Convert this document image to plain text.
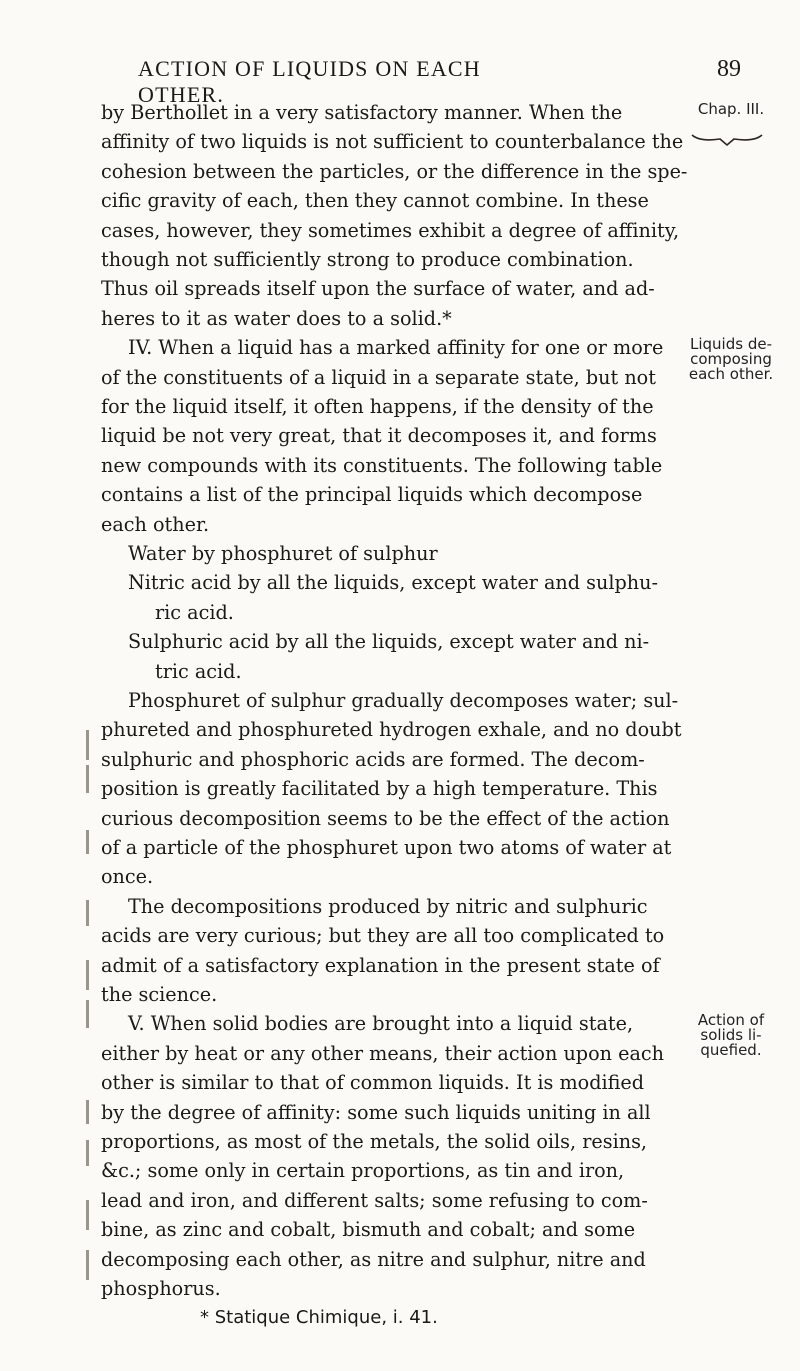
ACTION OF LIQUIDS ON EACH OTHER.
89
Chap. III.
Liquids de-
composing
each other.
Action of
solids li-
quefied.
by Berthollet in a very satisfactory manner. When the
affinity of two liquids is not sufficient to counterbalance the
cohesion between the particles, or the difference in the spe-
cific gravity of each, then they cannot combine. In these
cases, however, they sometimes exhibit a degree of affinity,
though not sufficiently strong to produce combination.
Thus oil spreads itself upon the surface of water, and ad-
heres to it as water does to a solid.*
IV. When a liquid has a marked affinity for one or more
of the constituents of a liquid in a separate state, but not
for the liquid itself, it often happens, if the density of the
liquid be not very great, that it decomposes it, and forms
new compounds with its constituents. The following table
contains a list of the principal liquids which decompose
each other.
Water by phosphuret of sulphur
Nitric acid by all the liquids, except water and sulphu-
ric acid.
Sulphuric acid by all the liquids, except water and ni-
tric acid.
Phosphuret of sulphur gradually decomposes water; sul-
phureted and phosphureted hydrogen exhale, and no doubt
sulphuric and phosphoric acids are formed. The decom-
position is greatly facilitated by a high temperature. This
curious decomposition seems to be the effect of the action
of a particle of the phosphuret upon two atoms of water at
once.
The decompositions produced by nitric and sulphuric
acids are very curious; but they are all too complicated to
admit of a satisfactory explanation in the present state of
the science.
V. When solid bodies are brought into a liquid state,
either by heat or any other means, their action upon each
other is similar to that of common liquids. It is modified
by the degree of affinity: some such liquids uniting in all
proportions, as most of the metals, the solid oils, resins,
&c.; some only in certain proportions, as tin and iron,
lead and iron, and different salts; some refusing to com-
bine, as zinc and cobalt, bismuth and cobalt; and some
decomposing each other, as nitre and sulphur, nitre and
phosphorus.
* Statique Chimique, i. 41.
